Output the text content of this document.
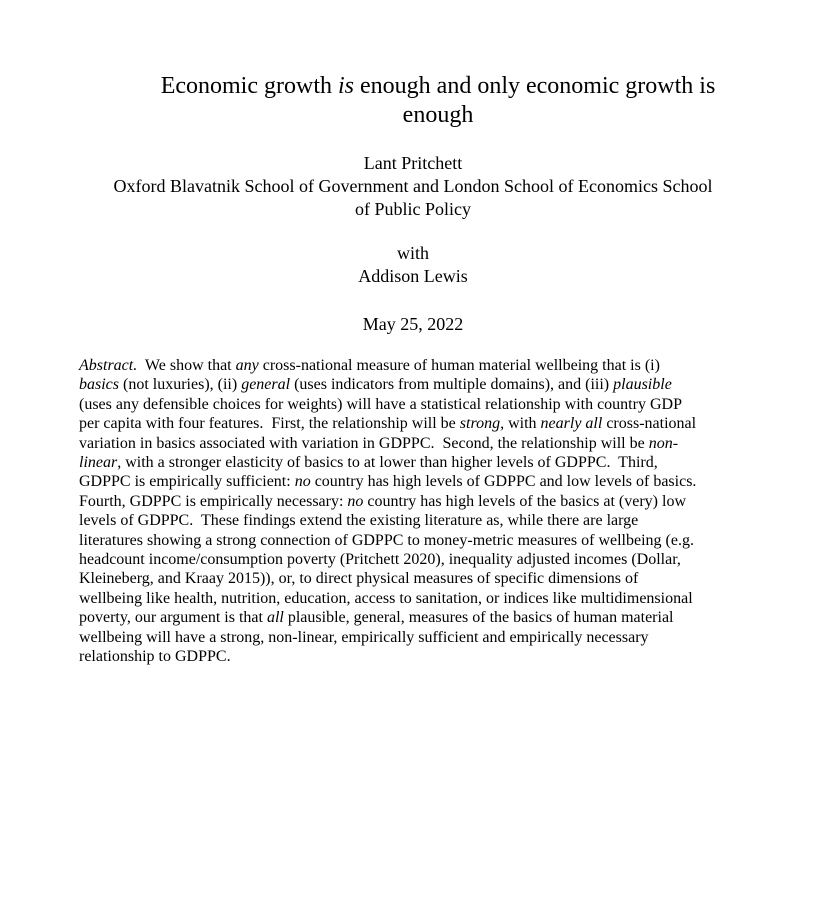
Economic growth is enough and only economic growth is
enough
Lant Pritchett
Oxford Blavatnik School of Government and London School of Economics School
of Public Policy
with
Addison Lewis
May 25, 2022

Abstract.  We show that any cross-national measure of human material wellbeing that is (i)
basics (not luxuries), (ii) general (uses indicators from multiple domains), and (iii) plausible
(uses any defensible choices for weights) will have a statistical relationship with country GDP
per capita with four features.  First, the relationship will be strong, with nearly all cross-national
variation in basics associated with variation in GDPPC.  Second, the relationship will be non-
linear, with a stronger elasticity of basics to at lower than higher levels of GDPPC.  Third,
GDPPC is empirically sufficient: no country has high levels of GDPPC and low levels of basics.
Fourth, GDPPC is empirically necessary: no country has high levels of the basics at (very) low
levels of GDPPC.  These findings extend the existing literature as, while there are large
literatures showing a strong connection of GDPPC to money-metric measures of wellbeing (e.g.
headcount income/consumption poverty (Pritchett 2020), inequality adjusted incomes (Dollar,
Kleineberg, and Kraay 2015)), or, to direct physical measures of specific dimensions of
wellbeing like health, nutrition, education, access to sanitation, or indices like multidimensional
poverty, our argument is that all plausible, general, measures of the basics of human material
wellbeing will have a strong, non-linear, empirically sufficient and empirically necessary
relationship to GDPPC.
